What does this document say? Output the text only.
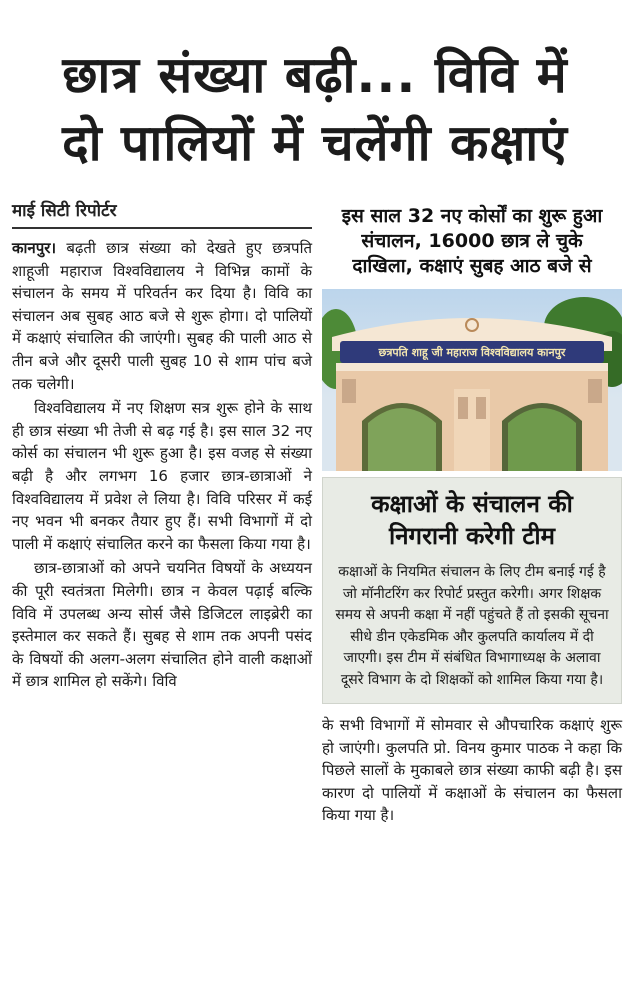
छात्र संख्या बढ़ी... विवि में
दो पालियों में चलेंगी कक्षाएं
माई सिटी रिपोर्टर

कानपुर। बढ़ती छात्र संख्या को देखते हुए छत्रपति शाहूजी महाराज विश्वविद्यालय ने विभिन्न कामों के संचालन के समय में परिवर्तन कर दिया है। विवि का संचालन अब सुबह आठ बजे से शुरू होगा। दो पालियों में कक्षाएं संचालित की जाएंगी। सुबह की पाली आठ से तीन बजे और दूसरी पाली सुबह 10 से शाम पांच बजे तक चलेगी।

विश्वविद्यालय में नए शिक्षण सत्र शुरू होने के साथ ही छात्र संख्या भी तेजी से बढ़ गई है। इस साल 32 नए कोर्स का संचालन भी शुरू हुआ है। इस वजह से संख्या बढ़ी है और लगभग 16 हजार छात्र-छात्राओं ने विश्वविद्यालय में प्रवेश ले लिया है। विवि परिसर में कई नए भवन भी बनकर तैयार हुए हैं। सभी विभागों में दो पाली में कक्षाएं संचालित करने का फैसला किया गया है।

छात्र-छात्राओं को अपने चयनित विषयों के अध्ययन की पूरी स्वतंत्रता मिलेगी। छात्र न केवल पढ़ाई बल्कि विवि में उपलब्ध अन्य सोर्स जैसे डिजिटल लाइब्रेरी का इस्तेमाल कर सकते हैं। सुबह से शाम तक अपनी पसंद के विषयों की अलग-अलग संचालित होने वाली कक्षाओं में छात्र शामिल हो सकेंगे। विवि

इस साल 32 नए कोर्सों का शुरू हुआ संचालन, 16000 छात्र ले चुके दाखिला, कक्षाएं सुबह आठ बजे से
छत्रपति शाहू जी महाराज विश्वविद्यालय कानपुर
कक्षाओं के संचालन की निगरानी करेगी टीम
कक्षाओं के नियमित संचालन के लिए टीम बनाई गई है जो मॉनीटरिंग कर रिपोर्ट प्रस्तुत करेगी। अगर शिक्षक समय से अपनी कक्षा में नहीं पहुंचते हैं तो इसकी सूचना सीधे डीन एकेडमिक और कुलपति कार्यालय में दी जाएगी। इस टीम में संबंधित विभागाध्यक्ष के अलावा दूसरे विभाग के दो शिक्षकों को शामिल किया गया है।

के सभी विभागों में सोमवार से औपचारिक कक्षाएं शुरू हो जाएंगी। कुलपति प्रो. विनय कुमार पाठक ने कहा कि पिछले सालों के मुकाबले छात्र संख्या काफी बढ़ी है। इस कारण दो पालियों में कक्षाओं के संचालन का फैसला किया गया है।
